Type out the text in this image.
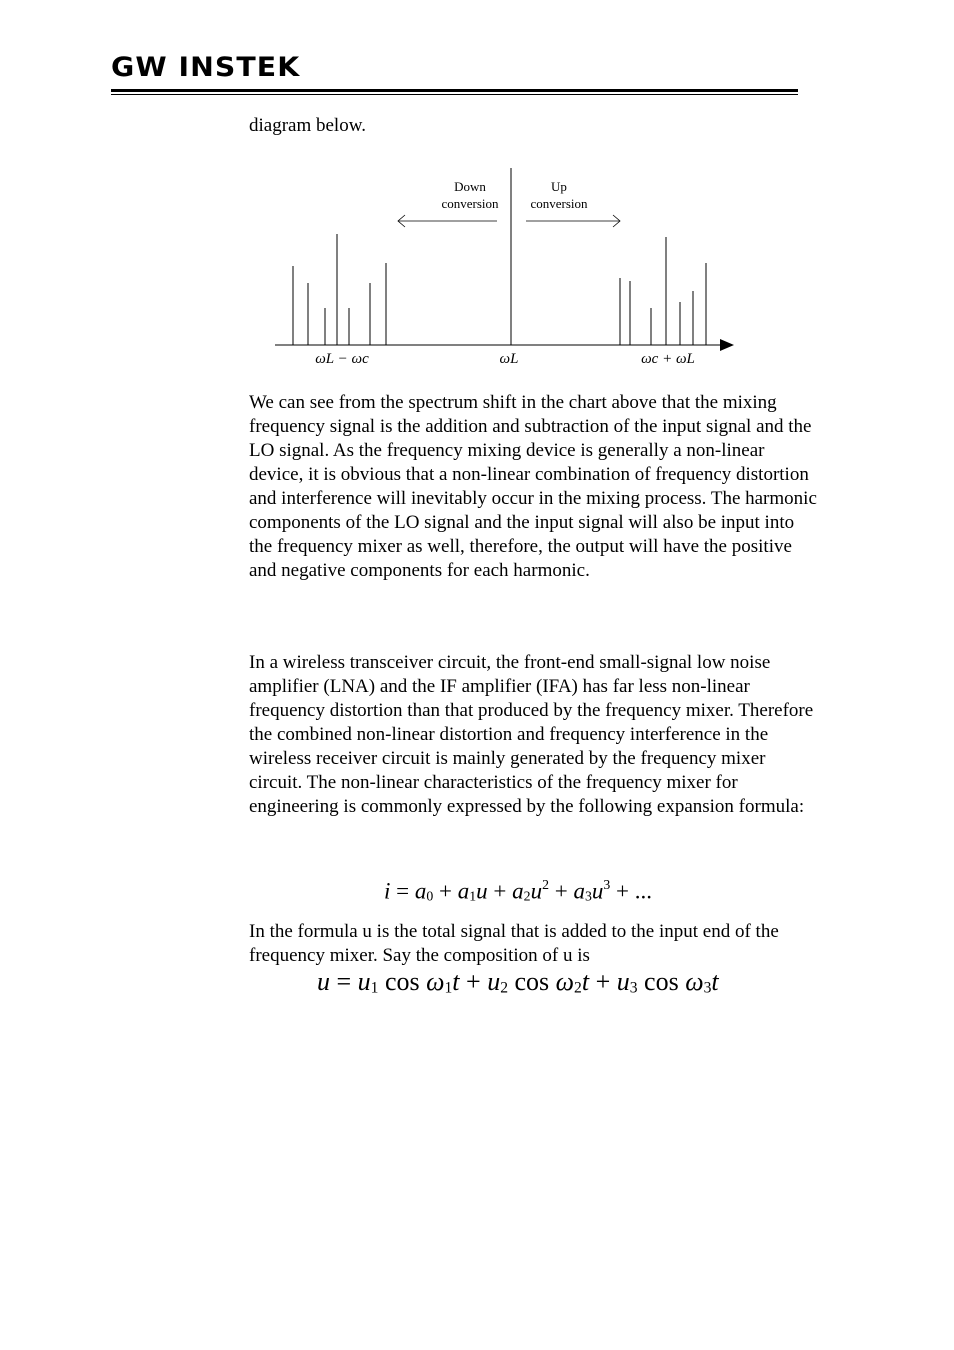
GW INSTEK

diagram below.

Down
conversion
Up
conversion
ωL − ωc	ωL	ωc + ωL

We can see from the spectrum shift in the chart above that the mixing frequency signal is the addition and subtraction of the input signal and the LO signal. As the frequency mixing device is generally a non-linear device, it is obvious that a non-linear combination of frequency distortion and interference will inevitably occur in the mixing process. The harmonic components of the LO signal and the input signal will also be input into the frequency mixer as well, therefore, the output will have the positive and negative components for each harmonic.

In a wireless transceiver circuit, the front-end small-signal low noise amplifier (LNA) and the IF amplifier (IFA) has far less non-linear frequency distortion than that produced by the frequency mixer. Therefore the combined non-linear distortion and frequency interference in the wireless receiver circuit is mainly generated by the frequency mixer circuit. The non-linear characteristics of the frequency mixer for engineering is commonly expressed by the following expansion formula:

$i = a_0 + a_1u + a_2u^2 + a_3u^3$ + ...

In the formula u is the total signal that is added to the input end of the frequency mixer. Say the composition of u is

$u = u_1$ $\cos \omega_1t + u_2$ $\cos \omega_2t + u_3$ $\cos \omega_3t$
